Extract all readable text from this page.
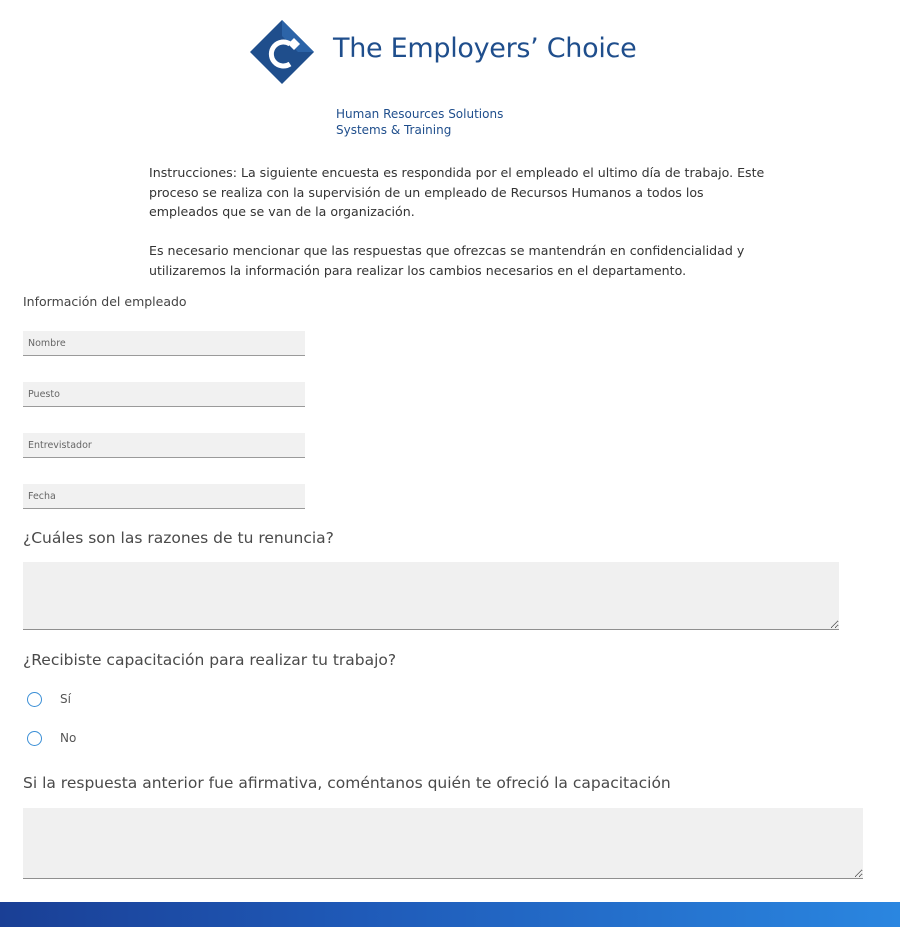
The Employers’ Choice
Human Resources Solutions
Systems & Training

Instrucciones: La siguiente encuesta es respondida por el empleado el ultimo día de trabajo. Este proceso se realiza con la supervisión de un empleado de Recursos Humanos a todos los empleados que se van de la organización.

Es necesario mencionar que las respuestas que ofrezcas se mantendrán en confidencialidad y utilizaremos la información para realizar los cambios necesarios en el departamento.

Información del empleado
Nombre
Puesto
Entrevistador
Fecha
¿Cuáles son las razones de tu renuncia?
¿Recibiste capacitación para realizar tu trabajo?
Sí
No
Si la respuesta anterior fue afirmativa, coméntanos quién te ofreció la capacitación
